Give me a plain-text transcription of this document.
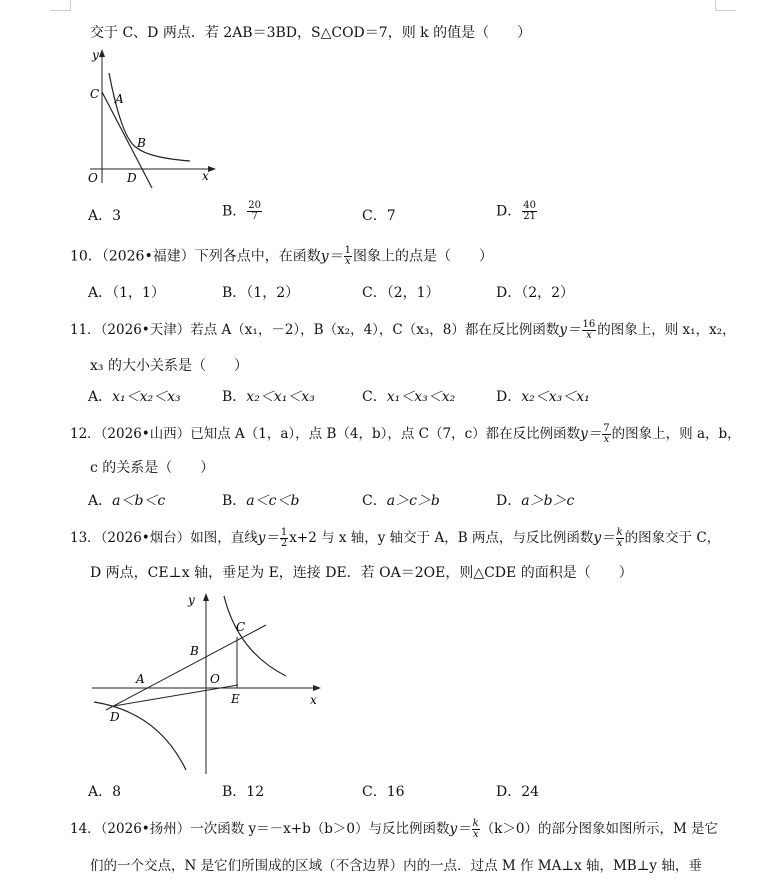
交于 C、D 两点．若 2AB＝3BD，S△COD＝7，则 k 的值是（　　）
y
x
O
C A
B
D
A．3	B． $\frac{20}{7}$	C．7	D． $\frac{40}{21}$
10．（2026•福建）下列各点中，在函数$y= \frac{1}{x}$ 图象上的点是（　　）
A．（1，1）	B．（1，2）	C．（2，1）	D．（2，2）
11．（2026•天津）若点 A（x₁，－2），B（x₂，4），C（x₃，8）都在反比例函数$y= \frac{16}{x}$ 的图象上，则 x₁，x₂，
x₃ 的大小关系是（　　）
A．x₁＜x₂＜x₃	B．x₂＜x₁＜x₃	C．x₁＜x₃＜x₂	D．x₂＜x₃＜x₁
12．（2026•山西）已知点 A（1，a），点 B（4，b），点 C（7，c）都在反比例函数$y= \frac{7}{x}$ 的图象上，则 a，b，
c 的关系是（　　）
A．a＜b＜c	B．a＜c＜b	C．a＞c＞b	D．a＞b＞c
13．（2026•烟台）如图，直线$y= \frac{1}{2} x+2$ 与 x 轴，y 轴交于 A，B 两点，与反比例函数$y= \frac{k}{x}$ 的图象交于 C，
D 两点，CE⊥x 轴，垂足为 E，连接 DE．若 OA＝2OE，则△CDE 的面积是（　　）
y
x
O
A
B
C
D
E
A．8	B．12	C．16	D．24
14．（2026•扬州）一次函数 y＝－x+b（b＞0）与反比例函数$y= \frac{k}{x} (k>0)$的部分图象如图所示，M 是它
们的一个交点，N 是它们所围成的区域（不含边界）内的一点．过点 M 作 MA⊥x 轴，MB⊥y 轴，垂
